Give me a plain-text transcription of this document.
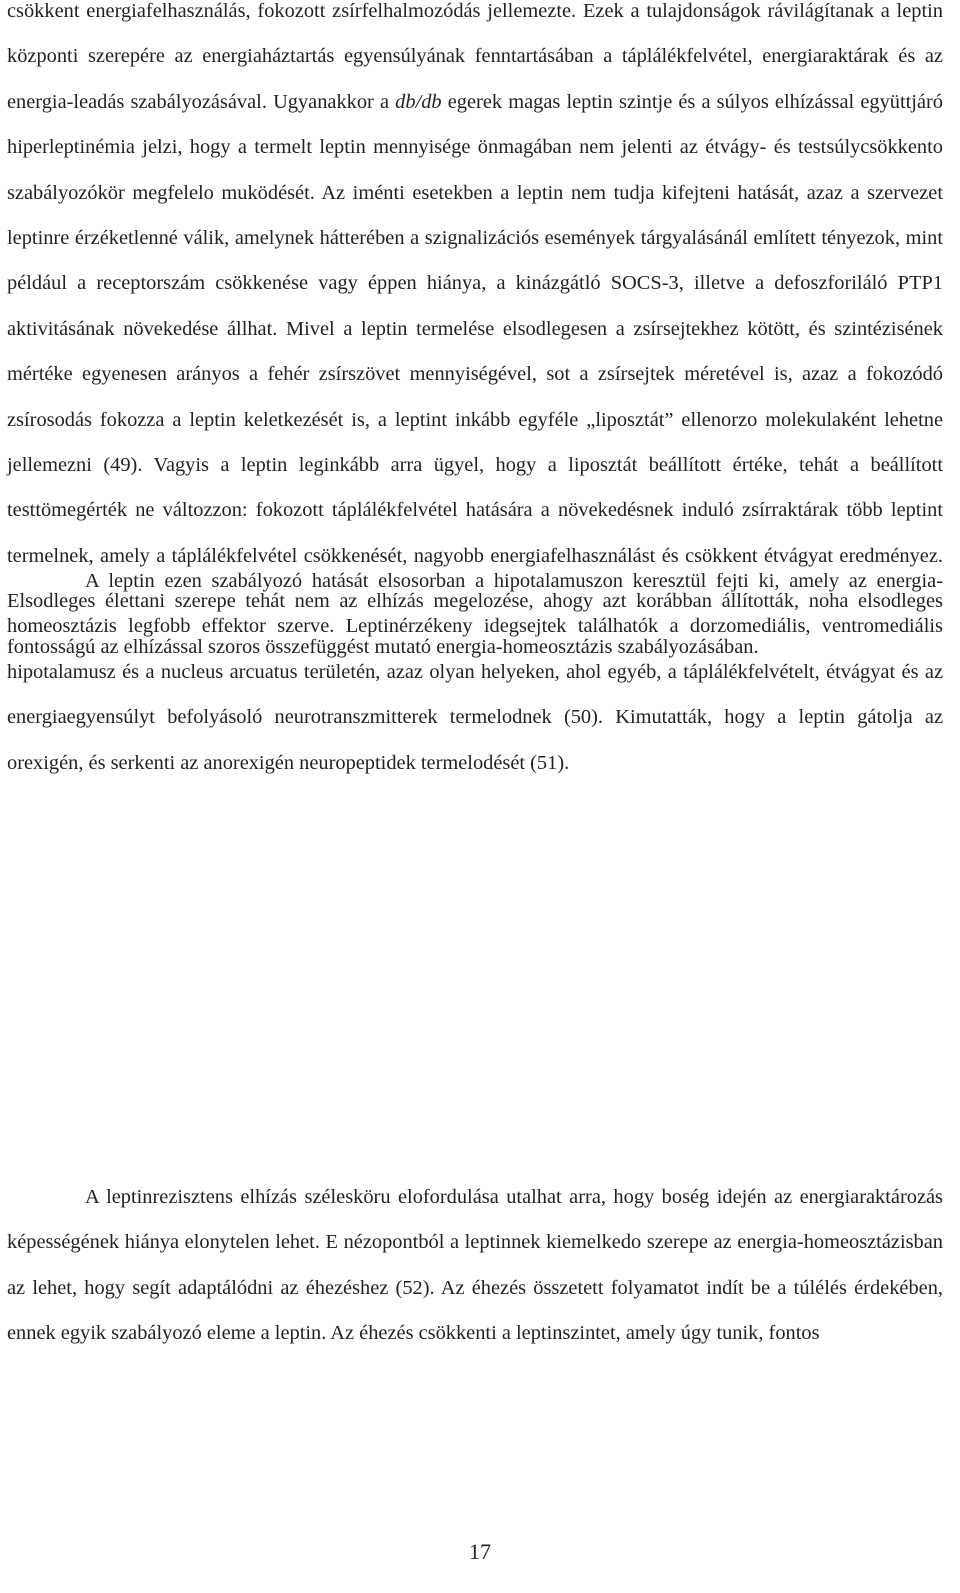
csökkent energiafelhasználás, fokozott zsírfelhalmozódás jellemezte. Ezek a tulajdonságok rávilágítanak a leptin központi szerepére az energiaháztartás egyensúlyának fenntartásában a táplálékfelvétel, energiaraktárak és az energia-leadás szabályozásával. Ugyanakkor a db/db egerek magas leptin szintje és a súlyos elhízással együttjáró hiperleptinémia jelzi, hogy a termelt leptin mennyisége önmagában nem jelenti az étvágy- és testsúlycsökkento szabályozókör megfelelo muködését. Az iménti esetekben a leptin nem tudja kifejteni hatását, azaz a szervezet leptinre érzéketlenné válik, amelynek hátterében a szignalizációs események tárgyalásánál említett tényezok, mint például a receptorszám csökkenése vagy éppen hiánya, a kinázgátló SOCS-3, illetve a defoszforiláló PTP1 aktivitásának növekedése állhat. Mivel a leptin termelése elsodlegesen a zsírsejtekhez kötött, és szintézisének mértéke egyenesen arányos a fehér zsírszövet mennyiségével, sot a zsírsejtek méretével is, azaz a fokozódó zsírosodás fokozza a leptin keletkezését is, a leptint inkább egyféle „liposztát” ellenorzo molekulaként lehetne jellemezni (49). Vagyis a leptin leginkább arra ügyel, hogy a liposztát beállított értéke, tehát a beállított testtömegérték ne változzon: fokozott táplálékfelvétel hatására a növekedésnek induló zsírraktárak több leptint termelnek, amely a táplálékfelvétel csökkenését, nagyobb energiafelhasználást és csökkent étvágyat eredményez. Elsodleges élettani szerepe tehát nem az elhízás megelozése, ahogy azt korábban állították, noha elsodleges fontosságú az elhízással szoros összefüggést mutató energia-homeosztázis szabályozásában.

A leptin ezen szabályozó hatását elsosorban a hipotalamuszon keresztül fejti ki, amely az energia-homeosztázis legfobb effektor szerve. Leptinérzékeny idegsejtek találhatók a dorzomediális, ventromediális hipotalamusz és a nucleus arcuatus területén, azaz olyan helyeken, ahol egyéb, a táplálékfelvételt, étvágyat és az energiaegyensúlyt befolyásoló neurotranszmitterek termelodnek (50). Kimutatták, hogy a leptin gátolja az orexigén, és serkenti az anorexigén neuropeptidek termelodését (51).

A leptinrezisztens elhízás szélesköru elofordulása utalhat arra, hogy boség idején az energiaraktározás képességének hiánya elonytelen lehet. E nézopontból a leptinnek kiemelkedo szerepe az energia-homeosztázisban az lehet, hogy segít adaptálódni az éhezéshez (52). Az éhezés összetett folyamatot indít be a túlélés érdekében, ennek egyik szabályozó eleme a leptin. Az éhezés csökkenti a leptinszintet, amely úgy tunik, fontos

17
